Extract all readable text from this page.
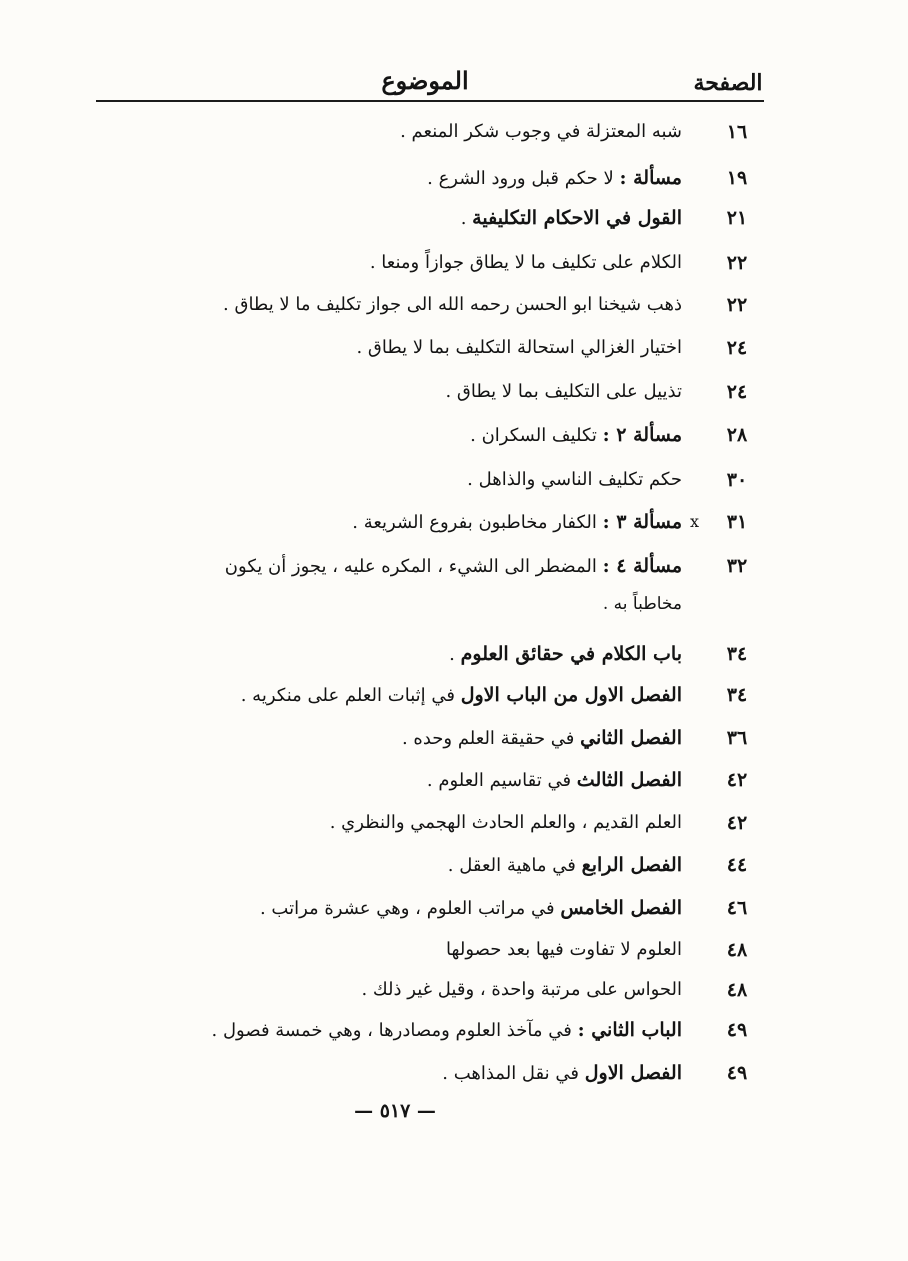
الصفحة
الموضوع
١٦
شبه المعتزلة في وجوب شكر المنعم .
١٩
مسألة : لا حكم قبل ورود الشرع .
٢١
القول في الاحكام التكليفية .
٢٢
الكلام على تكليف ما لا يطاق جوازاً ومنعا .
٢٢
ذهب شيخنا ابو الحسن رحمه الله الى جواز تكليف ما لا يطاق .
٢٤
اختيار الغزالي استحالة التكليف بما لا يطاق .
٢٤
تذييل على التكليف بما لا يطاق .
٢٨
مسألة ٢ : تكليف السكران .
٣٠
حكم تكليف الناسي والذاهل .
٣١
x
مسألة ٣ : الكفار مخاطبون بفروع الشريعة .
٣٢
مسألة ٤ : المضطر الى الشيء ، المكره عليه ، يجوز أن يكون
مخاطباً به .
٣٤
باب الكلام في حقائق العلوم .
٣٤
الفصل الاول من الباب الاول في إثبات العلم على منكريه .
٣٦
الفصل الثاني في حقيقة العلم وحده .
٤٢
الفصل الثالث في تقاسيم العلوم .
٤٢
العلم القديم ، والعلم الحادث الهجمي والنظري .
٤٤
الفصل الرابع في ماهية العقل .
٤٦
الفصل الخامس في مراتب العلوم ، وهي عشرة مراتب .
٤٨
العلوم لا تفاوت فيها بعد حصولها
٤٨
الحواس على مرتبة واحدة ، وقيل غير ذلك .
٤٩
الباب الثاني : في مآخذ العلوم ومصادرها ، وهي خمسة فصول .
٤٩
الفصل الاول في نقل المذاهب .
— ٥١٧ —
